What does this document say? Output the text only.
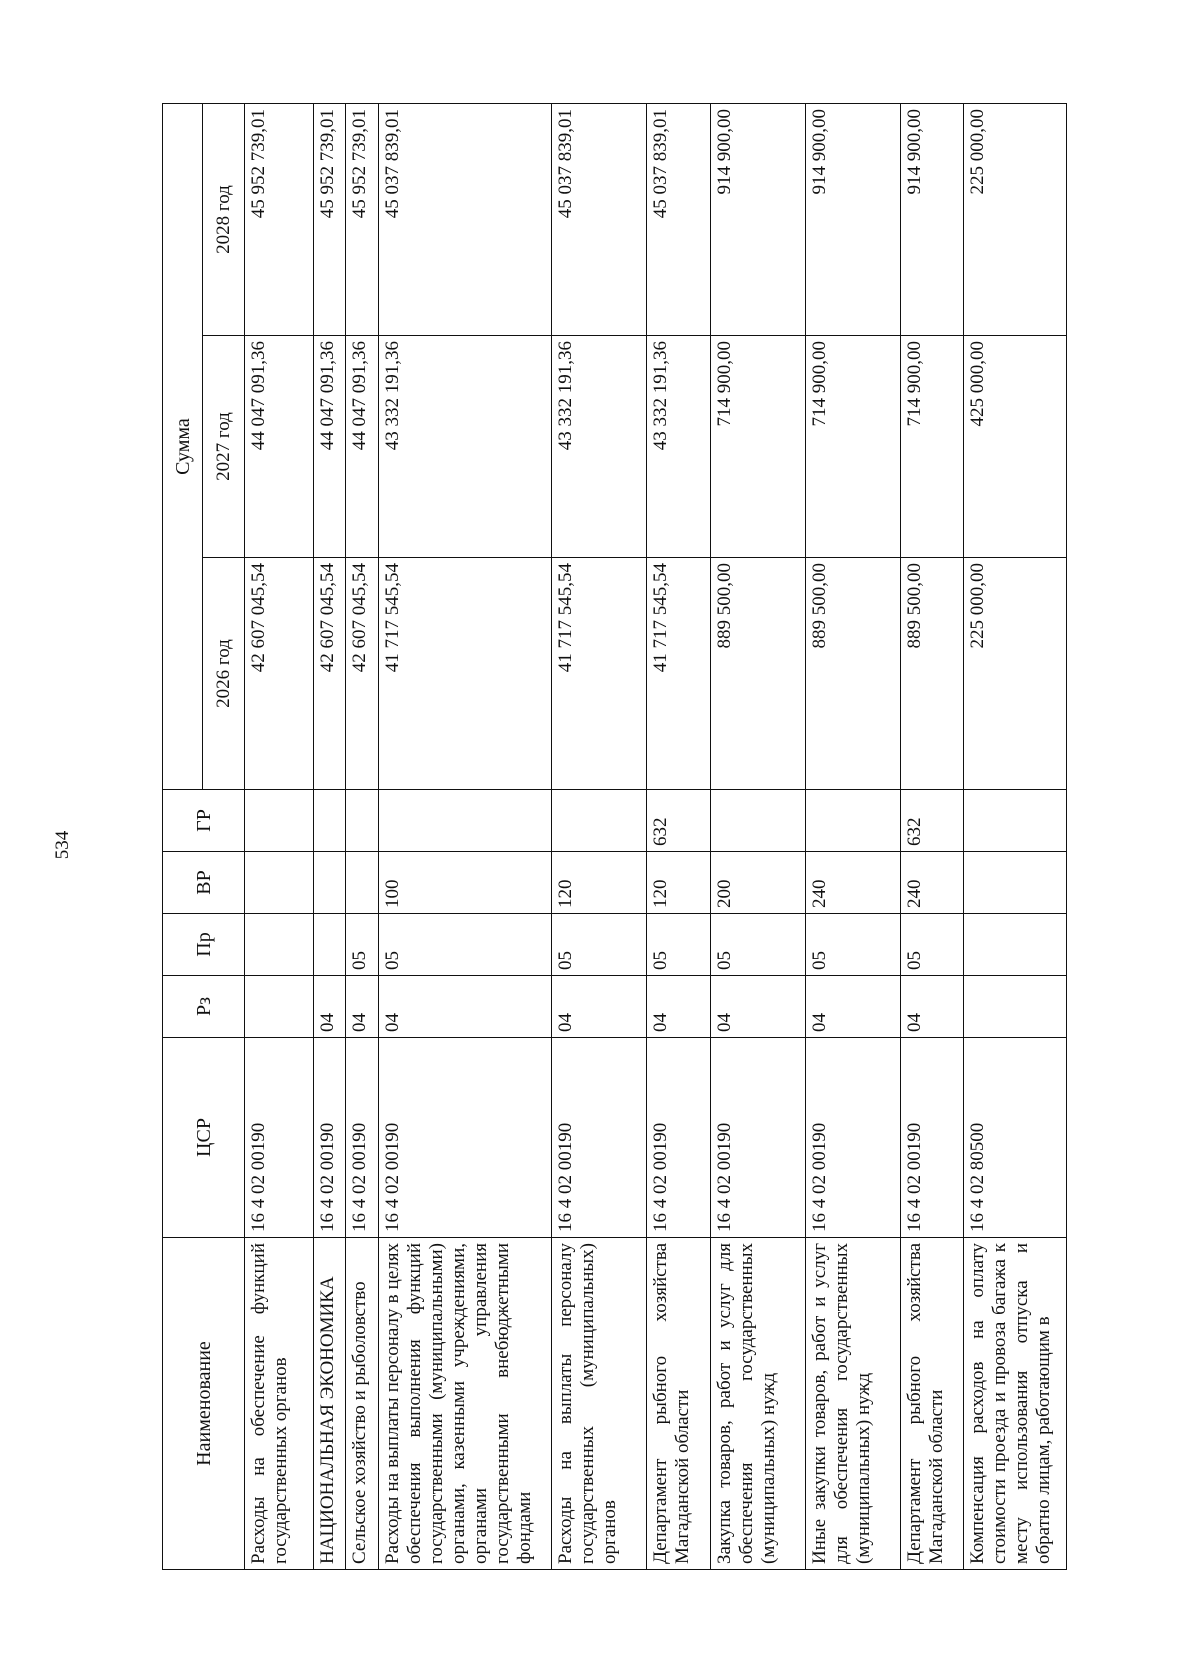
534
Наименование	ЦСР	Рз	Пр	ВР	ГР	Сумма		
						2026 год	2027 год	2028 год
Расходы на обеспечение функций государственных органов	16 4 02 00190					42 607 045,54	44 047 091,36	45 952 739,01
НАЦИОНАЛЬНАЯ ЭКОНОМИКА	16 4 02 00190	04				42 607 045,54	44 047 091,36	45 952 739,01
Сельское хозяйство и рыболовство	16 4 02 00190	04	05			42 607 045,54	44 047 091,36	45 952 739,01
Расходы на выплаты персоналу в целях обеспечения выполнения функций государственными (муниципальными) органами, казенными учреждениями, органами управления государственными внебюджетными фондами	16 4 02 00190	04	05	100		41 717 545,54	43 332 191,36	45 037 839,01
Расходы на выплаты персоналу государственных (муниципальных) органов	16 4 02 00190	04	05	120		41 717 545,54	43 332 191,36	45 037 839,01
Департамент рыбного хозяйства Магаданской области	16 4 02 00190	04	05	120	632	41 717 545,54	43 332 191,36	45 037 839,01
Закупка товаров, работ и услуг для обеспечения государственных (муниципальных) нужд	16 4 02 00190	04	05	200		889 500,00	714 900,00	914 900,00
Иные закупки товаров, работ и услуг для обеспечения государственных (муниципальных) нужд	16 4 02 00190	04	05	240		889 500,00	714 900,00	914 900,00
Департамент рыбного хозяйства Магаданской области	16 4 02 00190	04	05	240	632	889 500,00	714 900,00	914 900,00
Компенсация расходов на оплату стоимости проезда и провоза багажа к месту использования отпуска и обратно лицам, работающим в	16 4 02 80500					225 000,00	425 000,00	225 000,00
